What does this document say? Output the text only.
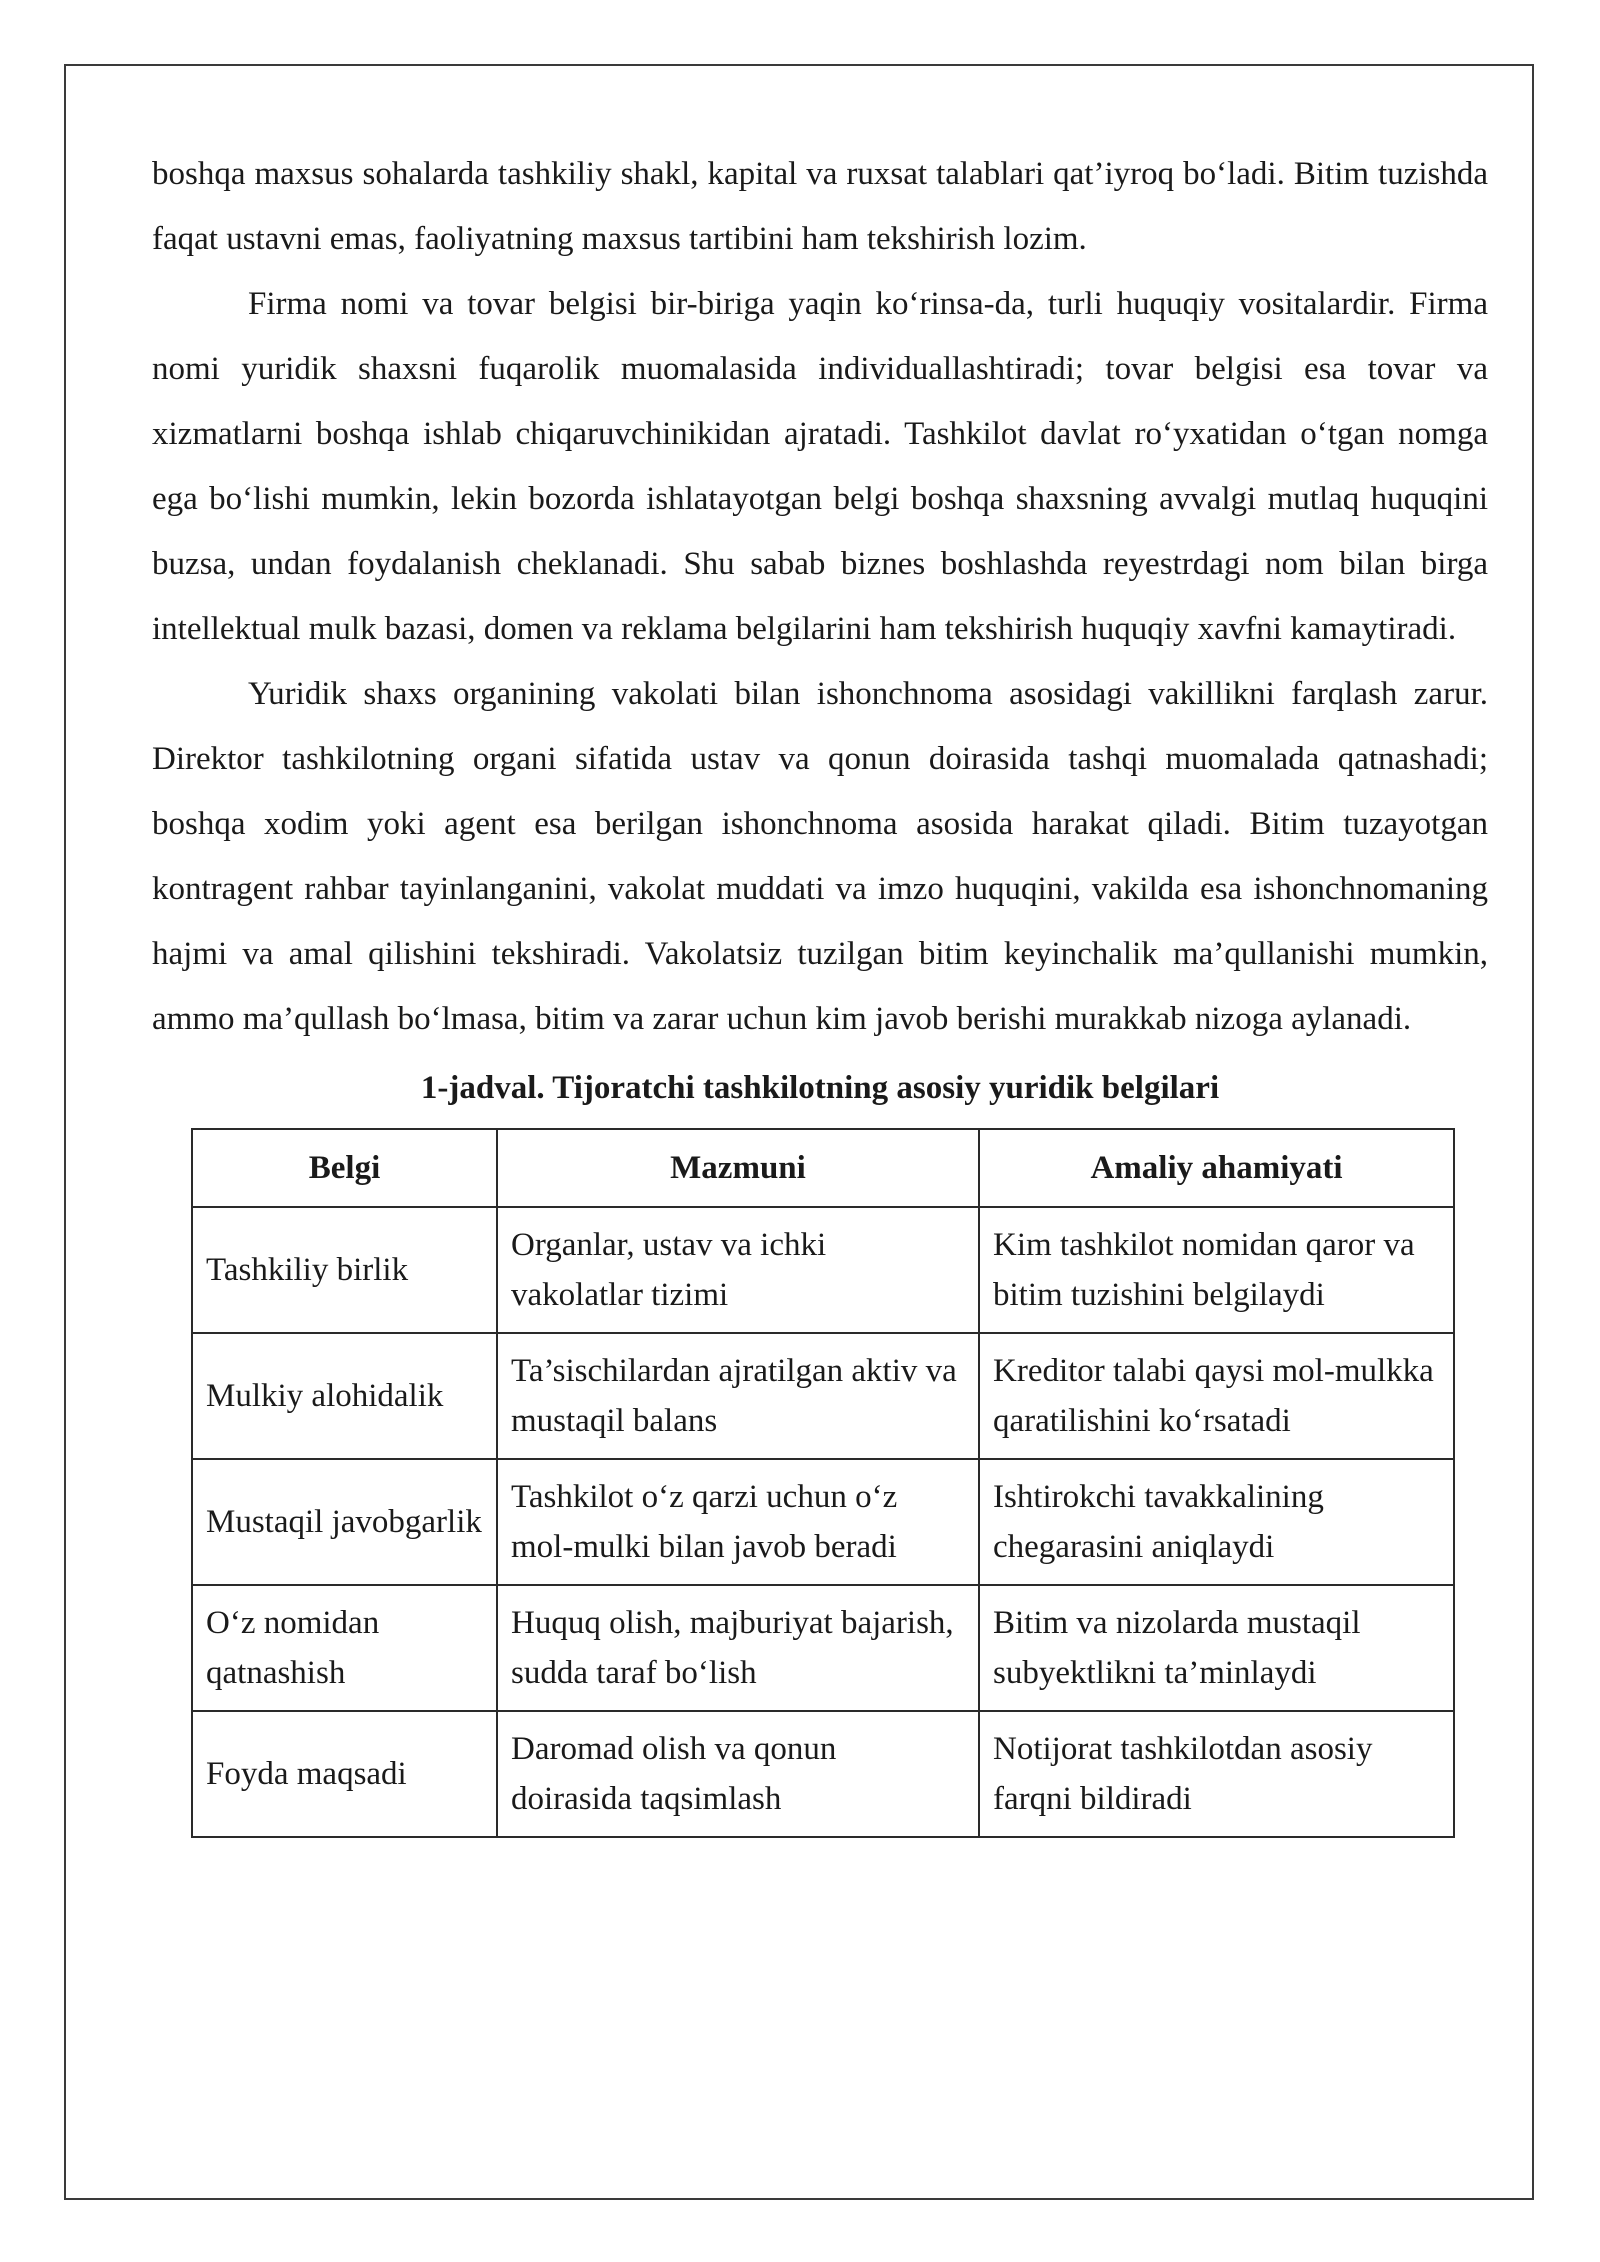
boshqa maxsus sohalarda tashkiliy shakl, kapital va ruxsat talablari qat’iyroq bo‘ladi. Bitim tuzishda faqat ustavni emas, faoliyatning maxsus tartibini ham tekshirish lozim.

Firma nomi va tovar belgisi bir-biriga yaqin ko‘rinsa-da, turli huquqiy vositalardir. Firma nomi yuridik shaxsni fuqarolik muomalasida individuallashtiradi; tovar belgisi esa tovar va xizmatlarni boshqa ishlab chiqaruvchinikidan ajratadi. Tashkilot davlat ro‘yxatidan o‘tgan nomga ega bo‘lishi mumkin, lekin bozorda ishlatayotgan belgi boshqa shaxsning avvalgi mutlaq huquqini buzsa, undan foydalanish cheklanadi. Shu sabab biznes boshlashda reyestrdagi nom bilan birga intellektual mulk bazasi, domen va reklama belgilarini ham tekshirish huquqiy xavfni kamaytiradi.

Yuridik shaxs organining vakolati bilan ishonchnoma asosidagi vakillikni farqlash zarur. Direktor tashkilotning organi sifatida ustav va qonun doirasida tashqi muomalada qatnashadi; boshqa xodim yoki agent esa berilgan ishonchnoma asosida harakat qiladi. Bitim tuzayotgan kontragent rahbar tayinlanganini, vakolat muddati va imzo huquqini, vakilda esa ishonchnomaning hajmi va amal qilishini tekshiradi. Vakolatsiz tuzilgan bitim keyinchalik ma’qullanishi mumkin, ammo ma’qullash bo‘lmasa, bitim va zarar uchun kim javob berishi murakkab nizoga aylanadi.

1-jadval. Tijoratchi tashkilotning asosiy yuridik belgilari
Belgi	Mazmuni	Amaliy ahamiyati
Tashkiliy birlik	Organlar, ustav va ichki vakolatlar tizimi	Kim tashkilot nomidan qaror va bitim tuzishini belgilaydi
Mulkiy alohidalik	Ta’sischilardan ajratilgan aktiv va mustaqil balans	Kreditor talabi qaysi mol-mulkka qaratilishini ko‘rsatadi
Mustaqil javobgarlik	Tashkilot o‘z qarzi uchun o‘z mol-mulki bilan javob beradi	Ishtirokchi tavakkalining chegarasini aniqlaydi
O‘z nomidan qatnashish	Huquq olish, majburiyat bajarish, sudda taraf bo‘lish	Bitim va nizolarda mustaqil subyektlikni ta’minlaydi
Foyda maqsadi	Daromad olish va qonun doirasida taqsimlash	Notijorat tashkilotdan asosiy farqni bildiradi
